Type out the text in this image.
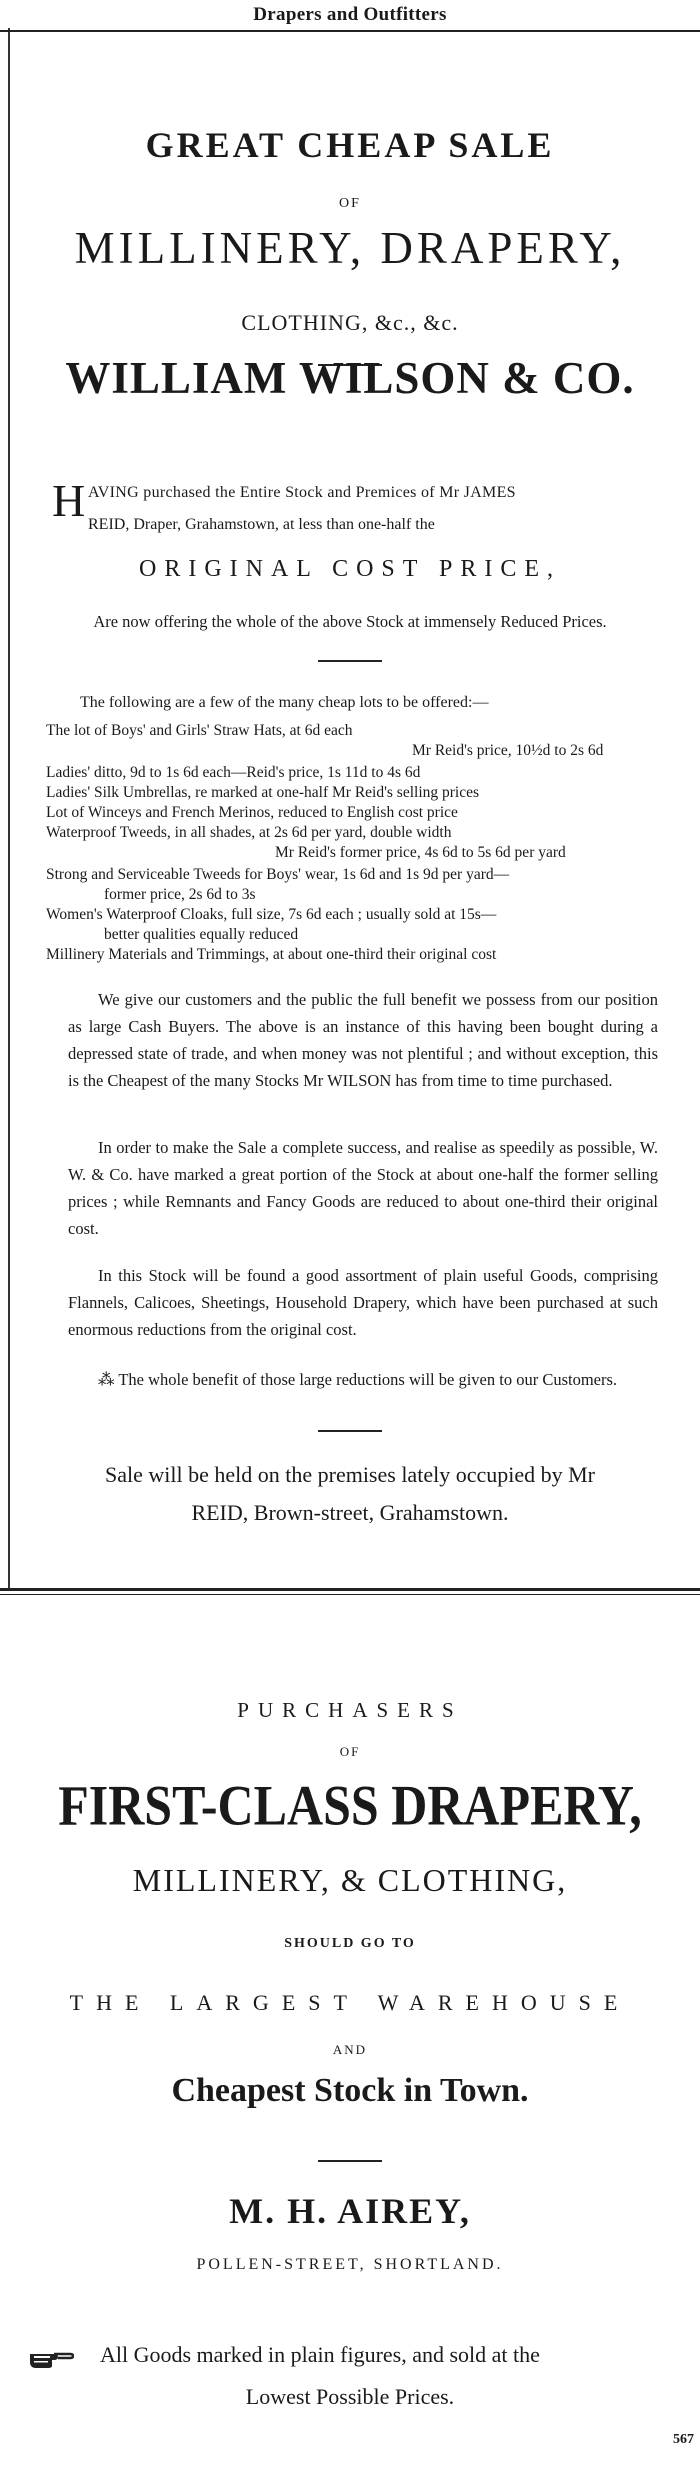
Drapers and Outfitters
GREAT CHEAP SALE
OF
MILLINERY, DRAPERY,
CLOTHING, &c., &c.
WILLIAM WILSON & CO.
H AVING purchased the Entire Stock and Premices of Mr JAMES
REID, Draper, Grahamstown, at less than one-half the
ORIGINAL COST PRICE,
Are now offering the whole of the above Stock at immensely Reduced Prices.
The following are a few of the many cheap lots to be offered:—
The lot of Boys' and Girls' Straw Hats, at 6d each
Mr Reid's price, 10½d to 2s 6d
Ladies' ditto, 9d to 1s 6d each—Reid's price, 1s 11d to 4s 6d
Ladies' Silk Umbrellas, re marked at one-half Mr Reid's selling prices
Lot of Winceys and French Merinos, reduced to English cost price
Waterproof Tweeds, in all shades, at 2s 6d per yard, double width
Mr Reid's former price, 4s 6d to 5s 6d per yard
Strong and Serviceable Tweeds for Boys' wear, 1s 6d and 1s 9d per yard—
former price, 2s 6d to 3s
Women's Waterproof Cloaks, full size, 7s 6d each ; usually sold at 15s—
better qualities equally reduced
Millinery Materials and Trimmings, at about one-third their original cost
We give our customers and the public the full benefit we possess from our position as large Cash Buyers. The above is an instance of this having been bought during a depressed state of trade, and when money was not plentiful ; and without exception, this is the Cheapest of the many Stocks Mr WILSON has from time to time purchased.
In order to make the Sale a complete success, and realise as speedily as possible, W. W. & Co. have marked a great portion of the Stock at about one-half the former selling prices ; while Remnants and Fancy Goods are reduced to about one-third their original cost.
In this Stock will be found a good assortment of plain useful Goods, comprising Flannels, Calicoes, Sheetings, Household Drapery, which have been purchased at such enormous reductions from the original cost.
⁂ The whole benefit of those large reductions will be given to our Customers.
Sale will be held on the premises lately occupied by Mr
REID, Brown-street, Grahamstown.
PURCHASERS
OF
FIRST-CLASS DRAPERY,
MILLINERY, & CLOTHING,
SHOULD GO TO
THE LARGEST WAREHOUSE
AND
Cheapest Stock in Town.
M. H. AIREY,
POLLEN-STREET, SHORTLAND.
All Goods marked in plain figures, and sold at the
Lowest Possible Prices.
567
